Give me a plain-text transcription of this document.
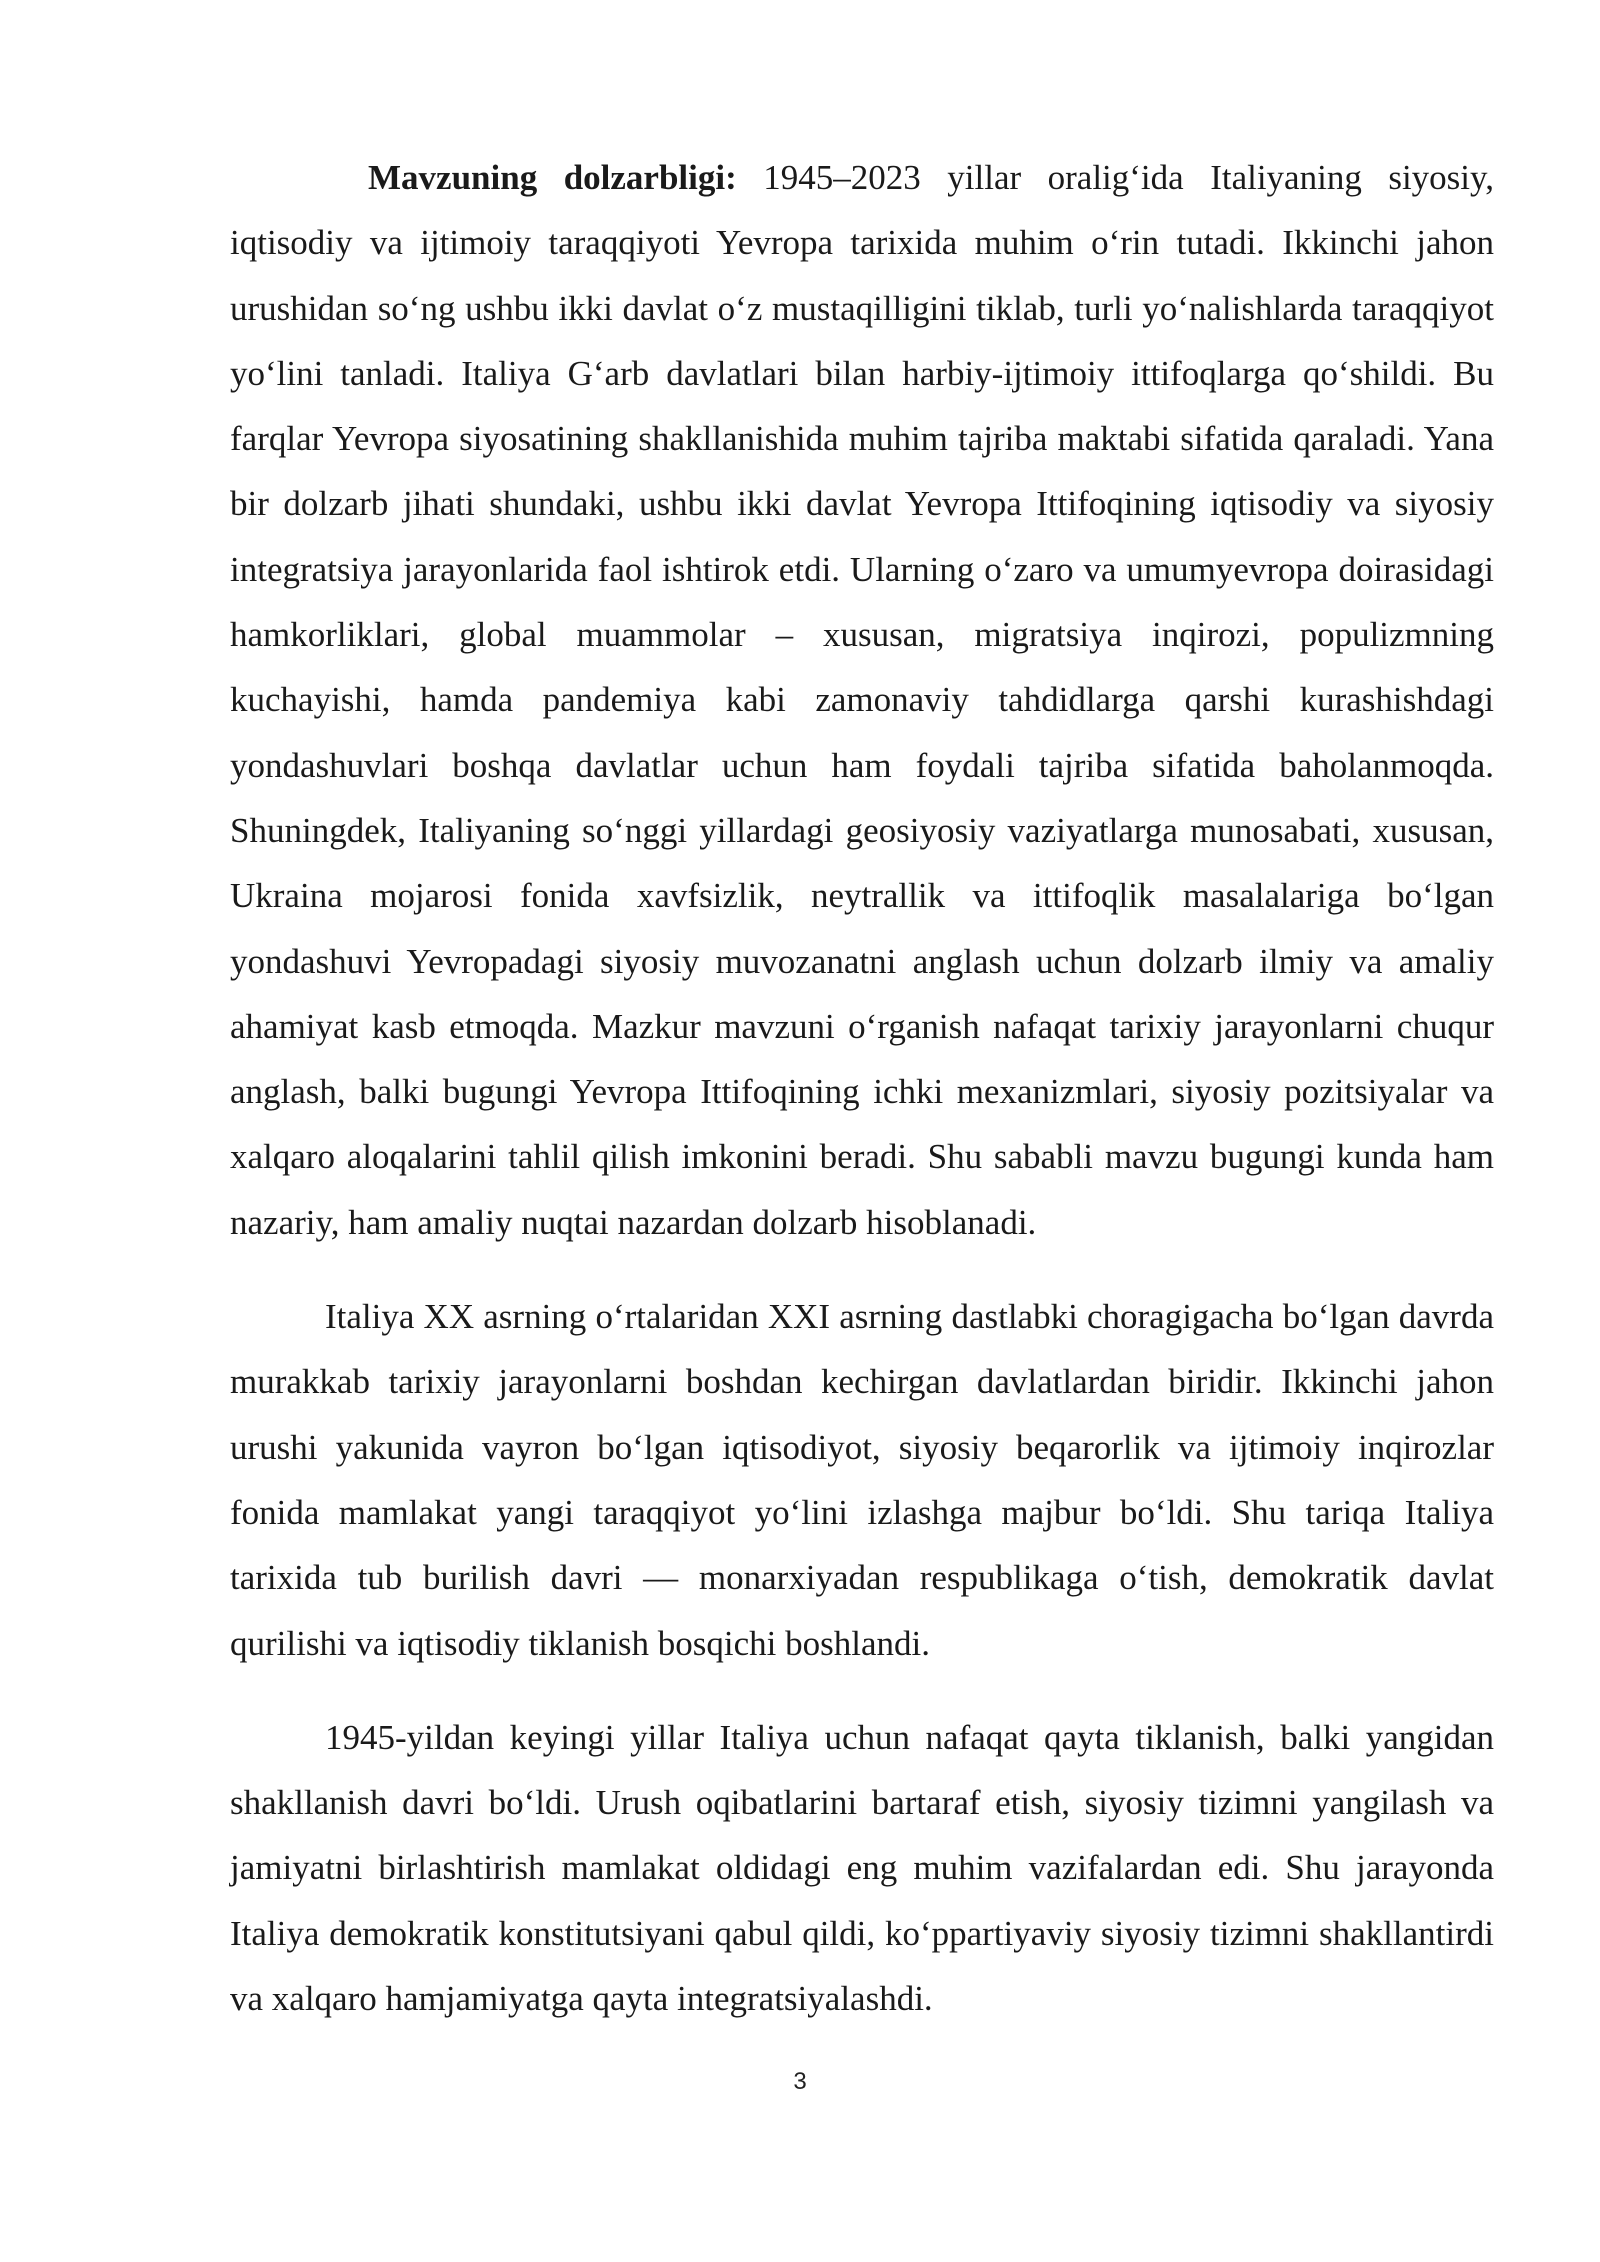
Mavzuning dolzarbligi: 1945–2023 yillar oralig‘ida Italiyaning siyosiy, iqtisodiy va ijtimoiy taraqqiyoti Yevropa tarixida muhim o‘rin tutadi. Ikkinchi jahon urushidan so‘ng ushbu ikki davlat o‘z mustaqilligini tiklab, turli yo‘nalishlarda taraqqiyot yo‘lini tanladi. Italiya G‘arb davlatlari bilan harbiy-ijtimoiy ittifoqlarga qo‘shildi. Bu farqlar Yevropa siyosatining shakllanishida muhim tajriba maktabi sifatida qaraladi. Yana bir dolzarb jihati shundaki, ushbu ikki davlat Yevropa Ittifoqining iqtisodiy va siyosiy integratsiya jarayonlarida faol ishtirok etdi. Ularning o‘zaro va umumyevropa doirasidagi hamkorliklari, global muammolar – xususan, migratsiya inqirozi, populizmning kuchayishi, hamda pandemiya kabi zamonaviy tahdidlarga qarshi kurashishdagi yondashuvlari boshqa davlatlar uchun ham foydali tajriba sifatida baholanmoqda. Shuningdek, Italiyaning so‘nggi yillardagi geosiyosiy vaziyatlarga munosabati, xususan, Ukraina mojarosi fonida xavfsizlik, neytrallik va ittifoqlik masalalariga bo‘lgan yondashuvi Yevropadagi siyosiy muvozanatni anglash uchun dolzarb ilmiy va amaliy ahamiyat kasb etmoqda. Mazkur mavzuni o‘rganish nafaqat tarixiy jarayonlarni chuqur anglash, balki bugungi Yevropa Ittifoqining ichki mexanizmlari, siyosiy pozitsiyalar va xalqaro aloqalarini tahlil qilish imkonini beradi. Shu sababli mavzu bugungi kunda ham nazariy, ham amaliy nuqtai nazardan dolzarb hisoblanadi.

Italiya XX asrning o‘rtalaridan XXI asrning dastlabki choragigacha bo‘lgan davrda murakkab tarixiy jarayonlarni boshdan kechirgan davlatlardan biridir. Ikkinchi jahon urushi yakunida vayron bo‘lgan iqtisodiyot, siyosiy beqarorlik va ijtimoiy inqirozlar fonida mamlakat yangi taraqqiyot yo‘lini izlashga majbur bo‘ldi. Shu tariqa Italiya tarixida tub burilish davri — monarxiyadan respublikaga o‘tish, demokratik davlat qurilishi va iqtisodiy tiklanish bosqichi boshlandi.

1945-yildan keyingi yillar Italiya uchun nafaqat qayta tiklanish, balki yangidan shakllanish davri bo‘ldi. Urush oqibatlarini bartaraf etish, siyosiy tizimni yangilash va jamiyatni birlashtirish mamlakat oldidagi eng muhim vazifalardan edi. Shu jarayonda Italiya demokratik konstitutsiyani qabul qildi, ko‘ppartiyaviy siyosiy tizimni shakllantirdi va xalqaro hamjamiyatga qayta integratsiyalashdi.

3
